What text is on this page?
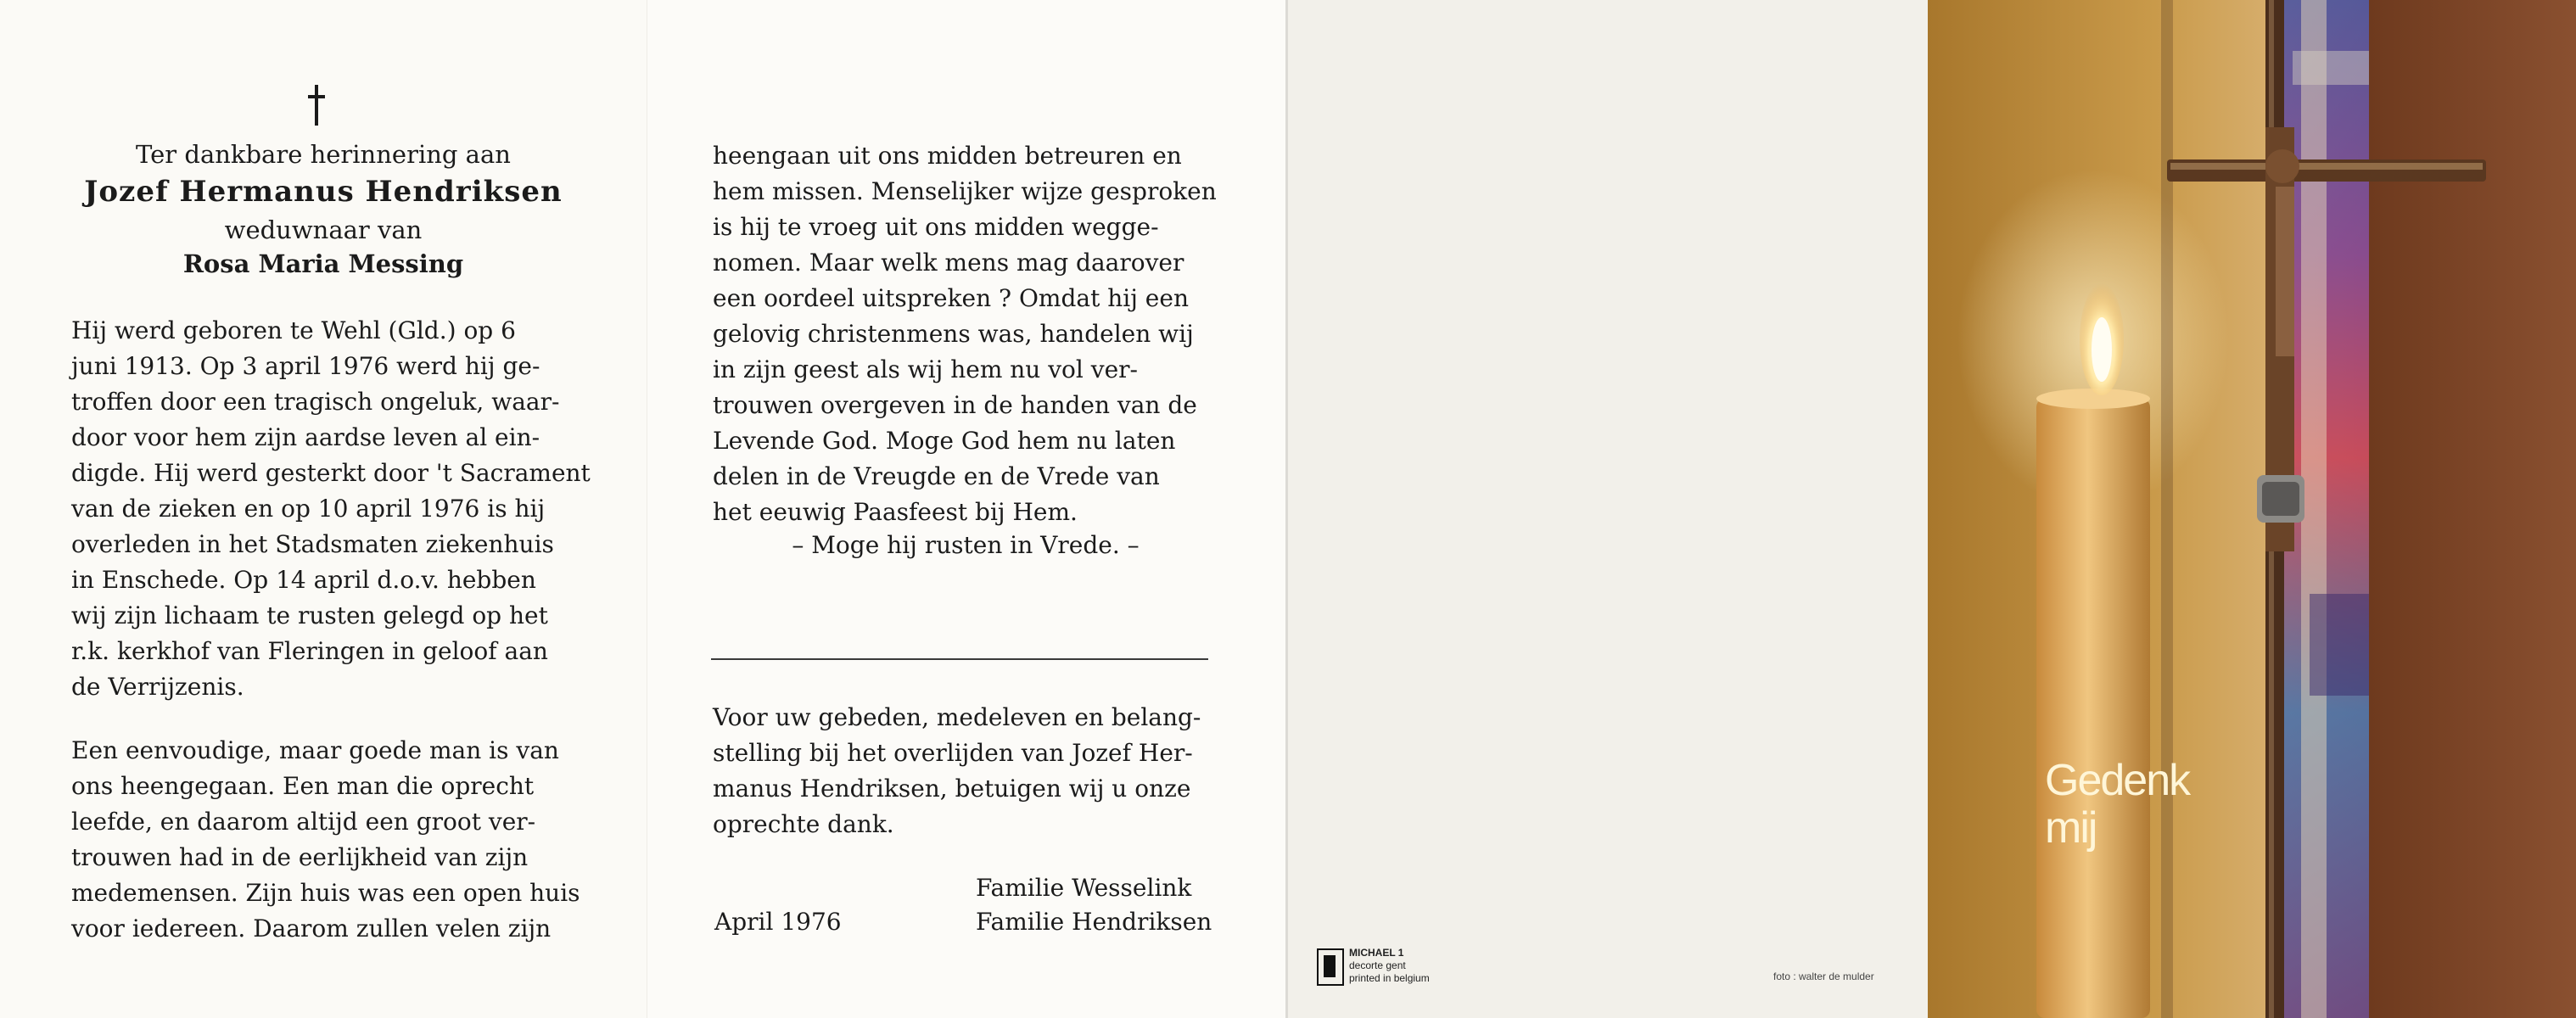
Ter dankbare herinnering aan
Jozef Hermanus Hendriksen
weduwnaar van
Rosa Maria Messing
Hij werd geboren te Wehl (Gld.) op 6
juni 1913. Op 3 april 1976 werd hij ge-
troffen door een tragisch ongeluk, waar-
door voor hem zijn aardse leven al ein-
digde. Hij werd gesterkt door 't Sacrament
van de zieken en op 10 april 1976 is hij
overleden in het Stadsmaten ziekenhuis
in Enschede. Op 14 april d.o.v. hebben
wij zijn lichaam te rusten gelegd op het
r.k. kerkhof van Fleringen in geloof aan
de Verrijzenis.
Een eenvoudige, maar goede man is van
ons heengegaan. Een man die oprecht
leefde, en daarom altijd een groot ver-
trouwen had in de eerlijkheid van zijn
medemensen. Zijn huis was een open huis
voor iedereen. Daarom zullen velen zijn
heengaan uit ons midden betreuren en
hem missen. Menselijker wijze gesproken
is hij te vroeg uit ons midden wegge-
nomen. Maar welk mens mag daarover
een oordeel uitspreken ? Omdat hij een
gelovig christenmens was, handelen wij
in zijn geest als wij hem nu vol ver-
trouwen overgeven in de handen van de
Levende God. Moge God hem nu laten
delen in de Vreugde en de Vrede van
het eeuwig Paasfeest bij Hem.
– Moge hij rusten in Vrede. –
Voor uw gebeden, medeleven en belang-
stelling bij het overlijden van Jozef Her-
manus Hendriksen, betuigen wij u onze
oprechte dank.
April 1976
Familie Wesselink
Familie Hendriksen
Gedenk
mij
foto : walter de mulder
MICHAEL 1
decorte gent
printed in belgium
